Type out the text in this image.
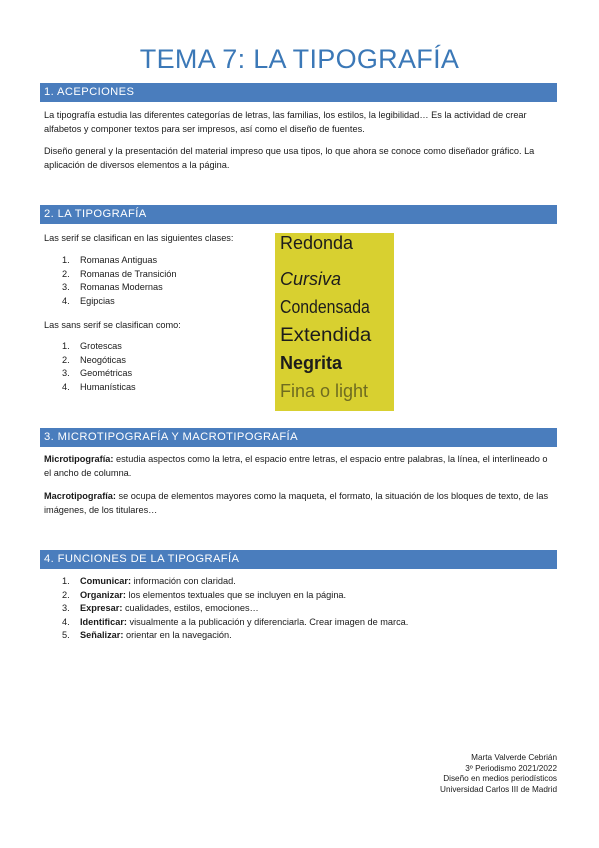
TEMA 7: LA TIPOGRAFÍA
1. ACEPCIONES

La tipografía estudia las diferentes categorías de letras, las familias, los estilos, la legibilidad… Es la actividad de crear alfabetos y componer textos para ser impresos, así como el diseño de fuentes.

Diseño general y la presentación del material impreso que usa tipos, lo que ahora se conoce como diseñador gráfico. La aplicación de diversos elementos a la página.

2. LA TIPOGRAFÍA

Las serif se clasifican en las siguientes clases:

1.	Romanas Antiguas
2.	Romanas de Transición
3.	Romanas Modernas
4.	Egipcias

Las sans serif se clasifican como:

1.	Grotescas
2.	Neogóticas
3.	Geométricas
4.	Humanísticas
Redonda
Cursiva
Condensada
Extendida
Negrita
Fina o light
3. MICROTIPOGRAFÍA Y MACROTIPOGRAFÍA

Microtipografía: estudia aspectos como la letra, el espacio entre letras, el espacio entre palabras, la línea, el interlineado o el ancho de columna.

Macrotipografía: se ocupa de elementos mayores como la maqueta, el formato, la situación de los bloques de texto, de las imágenes, de los titulares…

4. FUNCIONES DE LA TIPOGRAFÍA
1.	Comunicar: información con claridad.
2.	Organizar: los elementos textuales que se incluyen en la página.
3.	Expresar: cualidades, estilos, emociones…
4.	Identificar: visualmente a la publicación y diferenciarla. Crear imagen de marca.
5.	Señalizar: orientar en la navegación.
Marta Valverde Cebrián
3º Periodismo 2021/2022
Diseño en medios periodísticos
Universidad Carlos III de Madrid
